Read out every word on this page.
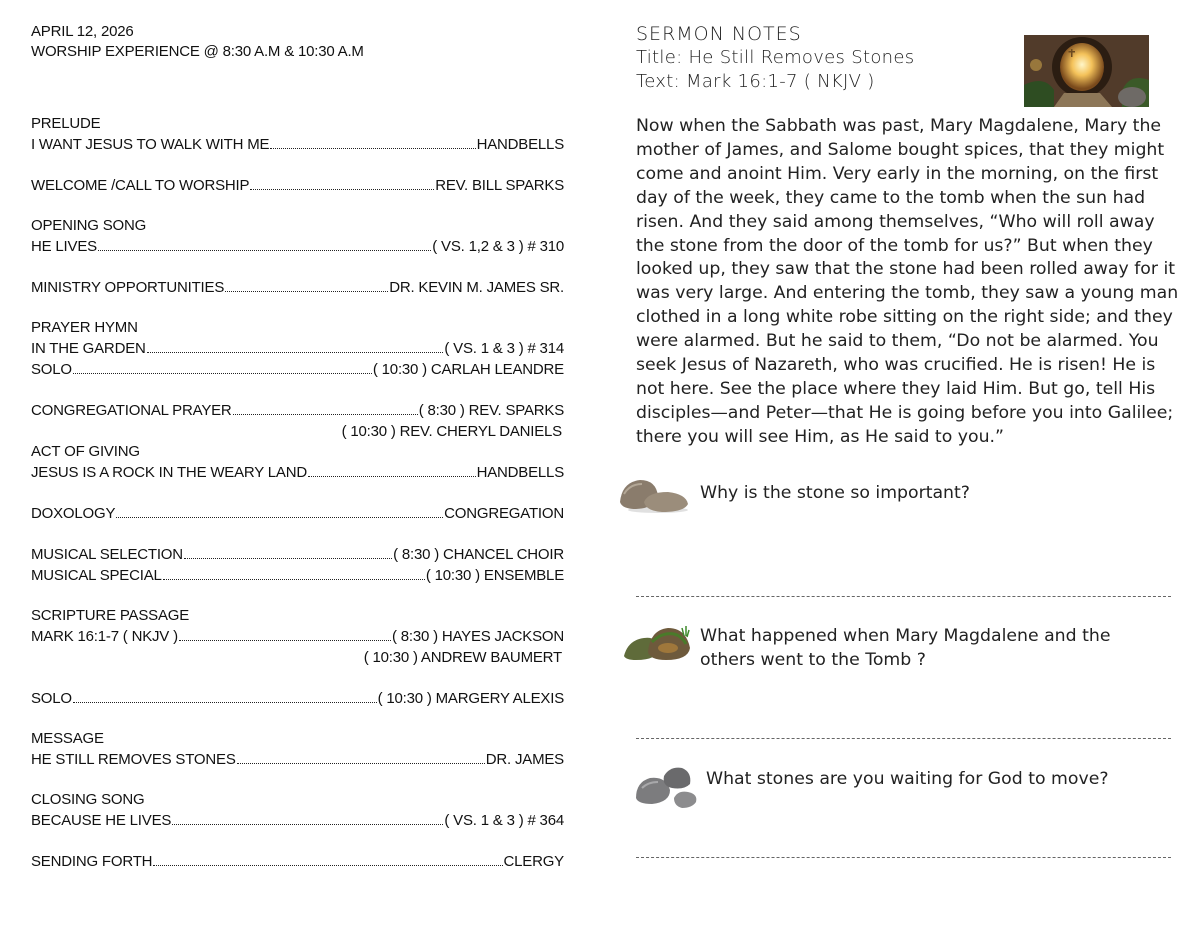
APRIL 12, 2026
WORSHIP EXPERIENCE @ 8:30 A.M & 10:30 A.M
PRELUDE
I WANT JESUS TO WALK WITH ME	HANDBELLS
WELCOME /CALL TO WORSHIP	REV. BILL SPARKS
OPENING SONG
HE LIVES	( VS. 1,2 & 3 ) # 310
MINISTRY OPPORTUNITIES	DR. KEVIN M. JAMES SR.
PRAYER HYMN
IN THE GARDEN	( VS. 1 & 3 ) # 314
SOLO	( 10:30 ) CARLAH LEANDRE
CONGREGATIONAL PRAYER	( 8:30 ) REV. SPARKS
( 10:30 ) REV. CHERYL DANIELS
ACT OF GIVING
JESUS IS A ROCK IN THE WEARY LAND	HANDBELLS
DOXOLOGY	CONGREGATION
MUSICAL SELECTION	( 8:30 ) CHANCEL CHOIR
MUSICAL SPECIAL	( 10:30 ) ENSEMBLE
SCRIPTURE PASSAGE
MARK 16:1-7 ( NKJV )	( 8:30 ) HAYES JACKSON
( 10:30 ) ANDREW BAUMERT
SOLO	( 10:30 ) MARGERY ALEXIS
MESSAGE
HE STILL REMOVES STONES	DR. JAMES
CLOSING SONG
BECAUSE HE LIVES	( VS. 1 & 3 ) # 364
SENDING FORTH	CLERGY
SERMON NOTES
Title: He Still Removes Stones
Text: Mark 16:1-7 ( NKJV )
Now when the Sabbath was past, Mary Magdalene, Mary the mother of James, and Salome bought spices, that they might come and anoint Him. Very early in the morning, on the first day of the week, they came to the tomb when the sun had risen. And they said among themselves, “Who will roll away the stone from the door of the tomb for us?” But when they looked up, they saw that the stone had been rolled away for it was very large. And entering the tomb, they saw a young man clothed in a long white robe sitting on the right side; and they were alarmed. But he said to them, “Do not be alarmed. You seek Jesus of Nazareth, who was crucified. He is risen! He is not here. See the place where they laid Him. But go, tell His disciples—and Peter—that He is going before you into Galilee; there you will see Him, as He said to you.”
Why is the stone so important?
What happened when Mary Magdalene and the others went to the Tomb ?
What stones are you waiting for God to move?
